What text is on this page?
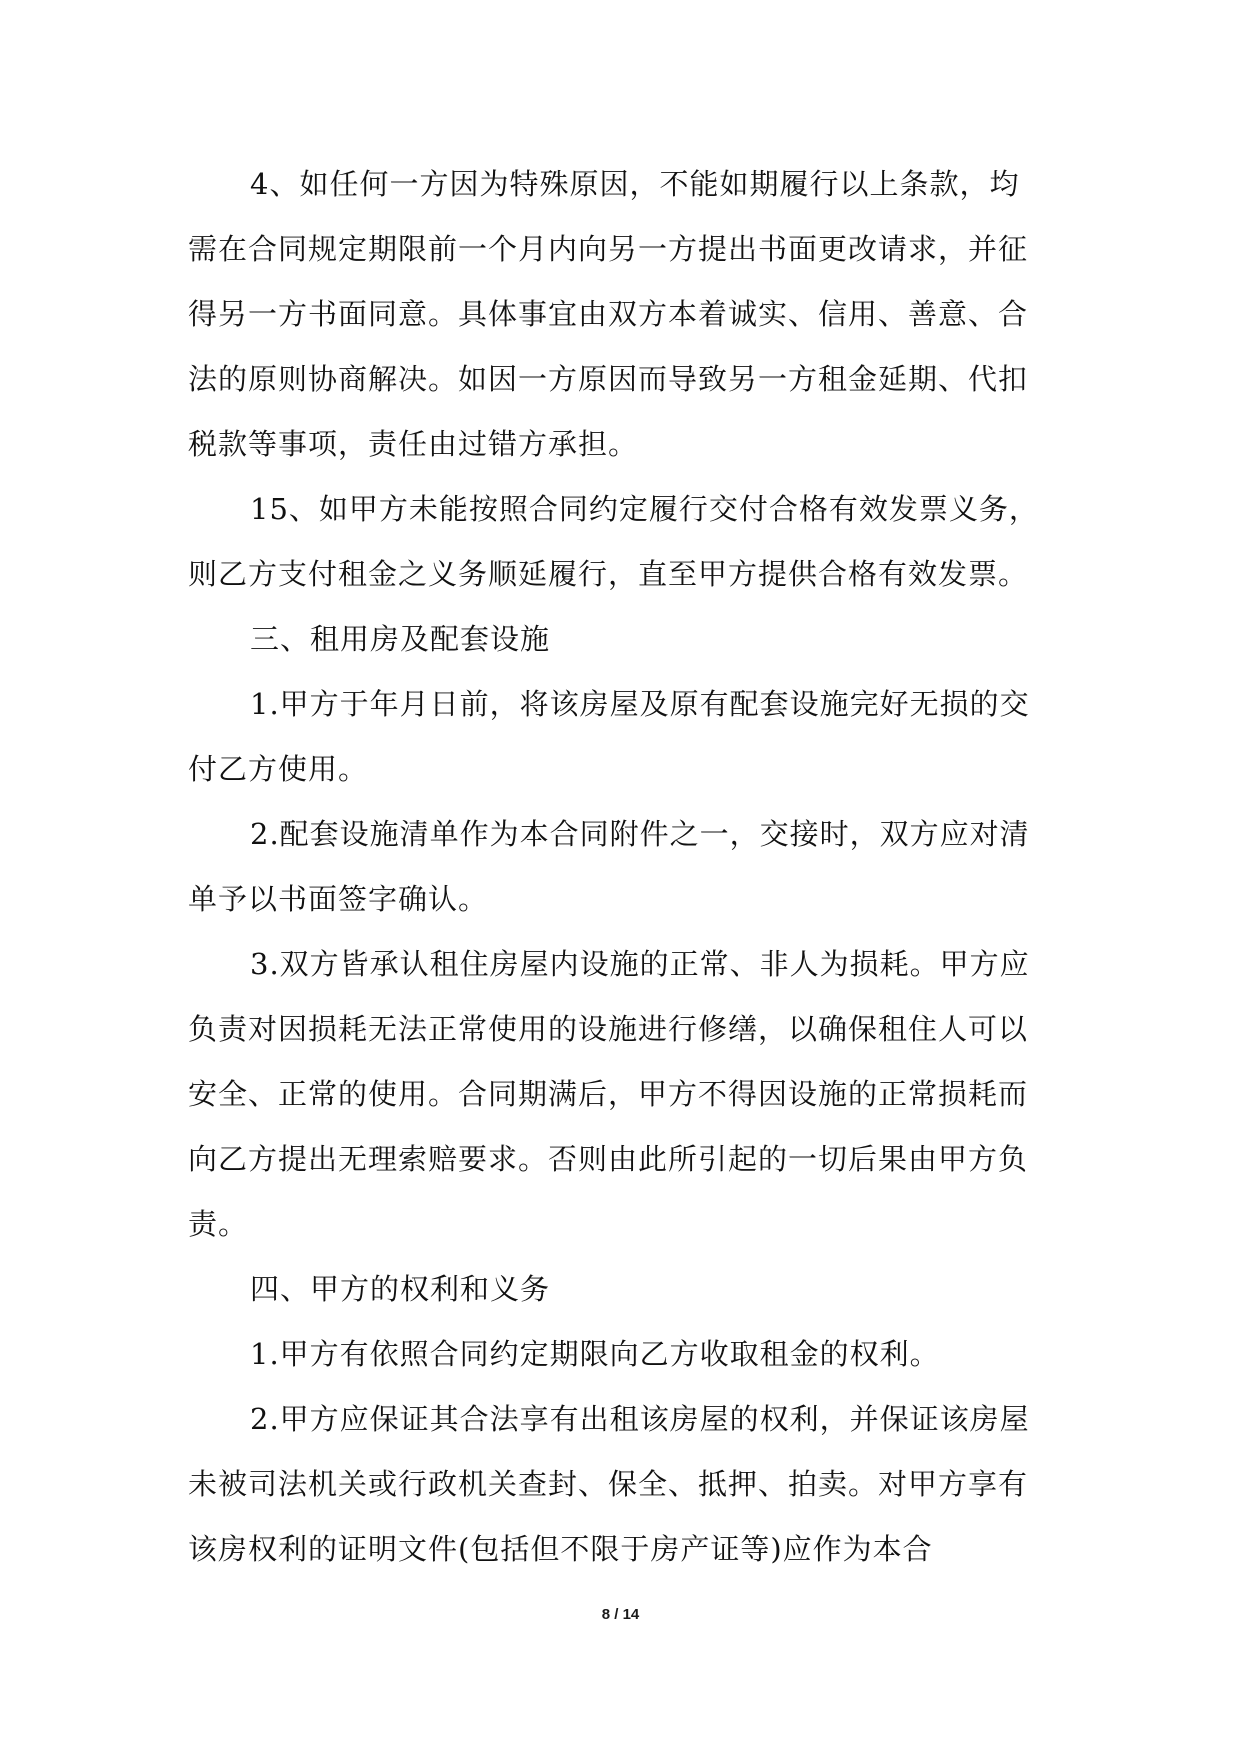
4、如任何一方因为特殊原因，不能如期履行以上条款，均
需在合同规定期限前一个月内向另一方提出书面更改请求，并征
得另一方书面同意。具体事宜由双方本着诚实、信用、善意、合
法的原则协商解决。如因一方原因而导致另一方租金延期、代扣
税款等事项，责任由过错方承担。
15、如甲方未能按照合同约定履行交付合格有效发票义务，
则乙方支付租金之义务顺延履行，直至甲方提供合格有效发票。
三、租用房及配套设施
1.甲方于年月日前，将该房屋及原有配套设施完好无损的交
付乙方使用。
2.配套设施清单作为本合同附件之一，交接时，双方应对清
单予以书面签字确认。
3.双方皆承认租住房屋内设施的正常、非人为损耗。甲方应
负责对因损耗无法正常使用的设施进行修缮，以确保租住人可以
安全、正常的使用。合同期满后，甲方不得因设施的正常损耗而
向乙方提出无理索赔要求。否则由此所引起的一切后果由甲方负
责。
四、甲方的权利和义务
1.甲方有依照合同约定期限向乙方收取租金的权利。
2.甲方应保证其合法享有出租该房屋的权利，并保证该房屋
未被司法机关或行政机关查封、保全、抵押、拍卖。对甲方享有
该房权利的证明文件(包括但不限于房产证等)应作为本合
8 / 14
